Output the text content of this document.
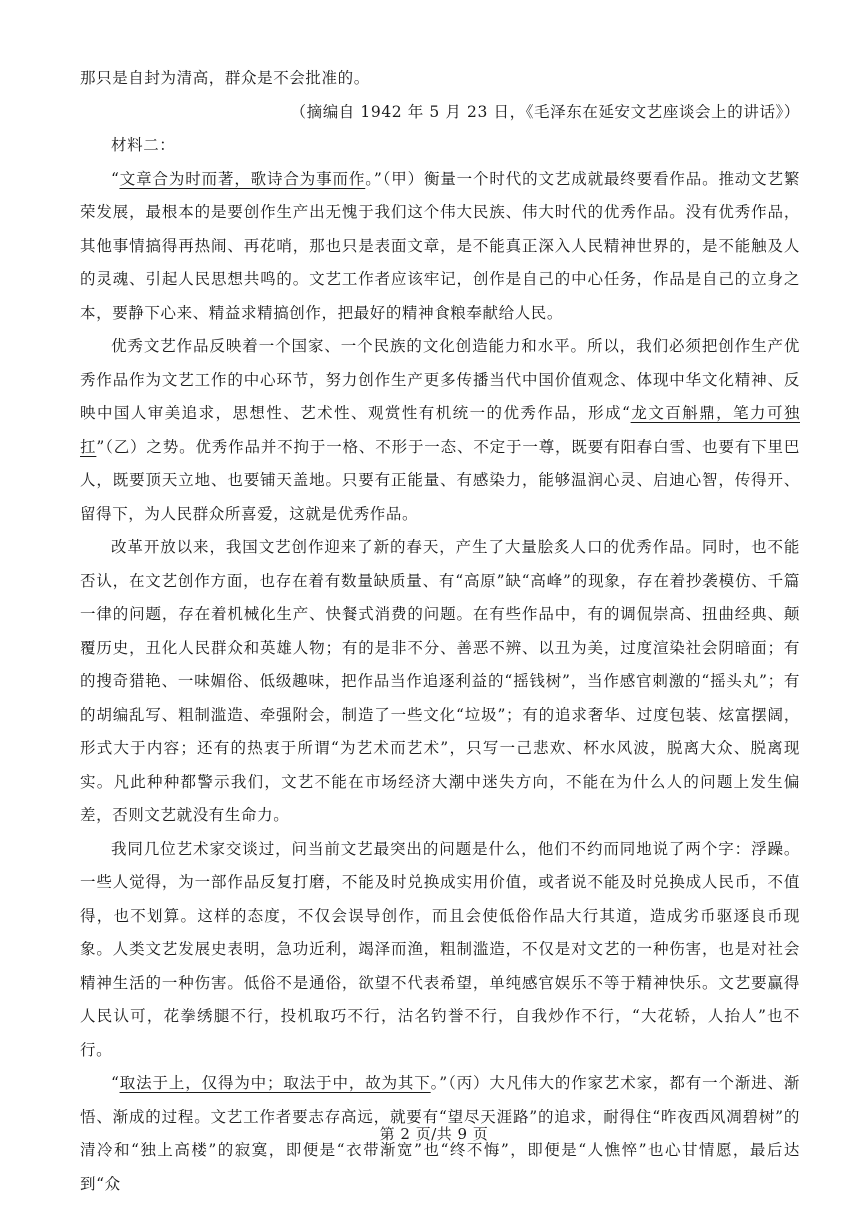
那只是自封为清高，群众是不会批准的。

（摘编自 1942 年 5 月 23 日，《毛泽东在延安文艺座谈会上的讲话》）

材料二：

“文章合为时而著，歌诗合为事而作。”（甲）衡量一个时代的文艺成就最终要看作品。推动文艺繁荣发展，最根本的是要创作生产出无愧于我们这个伟大民族、伟大时代的优秀作品。没有优秀作品，其他事情搞得再热闹、再花哨，那也只是表面文章，是不能真正深入人民精神世界的，是不能触及人的灵魂、引起人民思想共鸣的。文艺工作者应该牢记，创作是自己的中心任务，作品是自己的立身之本，要静下心来、精益求精搞创作，把最好的精神食粮奉献给人民。

优秀文艺作品反映着一个国家、一个民族的文化创造能力和水平。所以，我们必须把创作生产优秀作品作为文艺工作的中心环节，努力创作生产更多传播当代中国价值观念、体现中华文化精神、反映中国人审美追求，思想性、艺术性、观赏性有机统一的优秀作品，形成“龙文百斛鼎，笔力可独扛”（乙）之势。优秀作品并不拘于一格、不形于一态、不定于一尊，既要有阳春白雪、也要有下里巴人，既要顶天立地、也要铺天盖地。只要有正能量、有感染力，能够温润心灵、启迪心智，传得开、留得下，为人民群众所喜爱，这就是优秀作品。

改革开放以来，我国文艺创作迎来了新的春天，产生了大量脍炙人口的优秀作品。同时，也不能否认，在文艺创作方面，也存在着有数量缺质量、有“高原”缺“高峰”的现象，存在着抄袭模仿、千篇一律的问题，存在着机械化生产、快餐式消费的问题。在有些作品中，有的调侃崇高、扭曲经典、颠覆历史，丑化人民群众和英雄人物；有的是非不分、善恶不辨、以丑为美，过度渲染社会阴暗面；有的搜奇猎艳、一味媚俗、低级趣味，把作品当作追逐利益的“摇钱树”，当作感官刺激的“摇头丸”；有的胡编乱写、粗制滥造、牵强附会，制造了一些文化“垃圾”；有的追求奢华、过度包装、炫富摆阔，形式大于内容；还有的热衷于所谓“为艺术而艺术”，只写一己悲欢、杯水风波，脱离大众、脱离现实。凡此种种都警示我们，文艺不能在市场经济大潮中迷失方向，不能在为什么人的问题上发生偏差，否则文艺就没有生命力。

我同几位艺术家交谈过，问当前文艺最突出的问题是什么，他们不约而同地说了两个字：浮躁。一些人觉得，为一部作品反复打磨，不能及时兑换成实用价值，或者说不能及时兑换成人民币，不值得，也不划算。这样的态度，不仅会误导创作，而且会使低俗作品大行其道，造成劣币驱逐良币现象。人类文艺发展史表明，急功近利，竭泽而渔，粗制滥造，不仅是对文艺的一种伤害，也是对社会精神生活的一种伤害。低俗不是通俗，欲望不代表希望，单纯感官娱乐不等于精神快乐。文艺要赢得人民认可，花拳绣腿不行，投机取巧不行，沽名钓誉不行，自我炒作不行，“大花轿，人抬人”也不行。

“取法于上，仅得为中；取法于中，故为其下。”（丙）大凡伟大的作家艺术家，都有一个渐进、渐悟、渐成的过程。文艺工作者要志存高远，就要有“望尽天涯路”的追求，耐得住“昨夜西风凋碧树”的清冷和“独上高楼”的寂寞，即便是“衣带渐宽”也“终不悔”，即便是“人憔悴”也心甘情愿，最后达到“众

第 2 页/共 9 页
